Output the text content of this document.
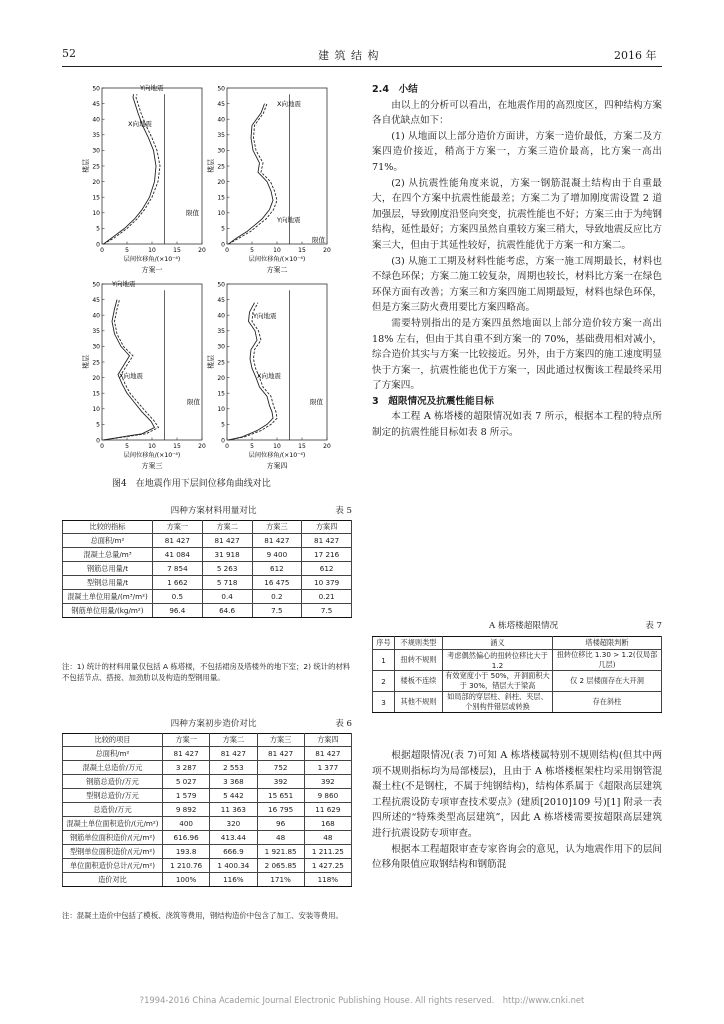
52	建 筑 结 构	2016 年
0
5
10
15
20
25
30
35
40
45
50
0	5	10	15	20
楼层
层间位移角/(×10⁻⁴)
方案一
Y向地震
X向地震
限值
0
5
10
15
20
25
30
35
40
45
50
0	5	10	15	20
楼层
层间位移角/(×10⁻⁴)
方案二
X向地震
Y向地震
限值
0
5
10
15
20
25
30
35
40
45
50
0	5	10	15	20
楼层
层间位移角/(×10⁻⁴)
方案三
Y向地震
X向地震
限值
0
5
10
15
20
25
30
35
40
45
50
0	5	10	15	20
楼层
层间位移角/(×10⁻⁴)
方案四
Y向地震
X向地震
限值
图4　在地震作用下层间位移角曲线对比
四种方案材料用量对比	表 5
比较的指标	方案一	方案二	方案三	方案四
总面积/m²	81 427	81 427	81 427	81 427
混凝土总量/m³	41 084	31 918	9 400	17 216
钢筋总用量/t	7 854	5 263	612	612
型钢总用量/t	1 662	5 718	16 475	10 379
混凝土单位用量/(m³/m²)	0.5	0.4	0.2	0.21
钢筋单位用量/(kg/m²)	96.4	64.6	7.5	7.5
注：1) 统计的材料用量仅包括 A 栋塔楼，不包括裙房及塔楼外的地下室；2) 统计的材料不包括节点、搭接、加劲肋以及构造的型钢用量。
四种方案初步造价对比	表 6
比较的项目	方案一	方案二	方案三	方案四
总面积/m²	81 427	81 427	81 427	81 427
混凝土总造价/万元	3 287	2 553	752	1 377
钢筋总造价/万元	5 027	3 368	392	392
型钢总造价/万元	1 579	5 442	15 651	9 860
总造价/万元	9 892	11 363	16 795	11 629
混凝土单位面积造价/(元/m²)	400	320	96	168
钢筋单位面积造价/(元/m²)	616.96	413.44	48	48
型钢单位面积造价/(元/m²)	193.8	666.9	1 921.85	1 211.25
单位面积造价总计/(元/m²)	1 210.76	1 400.34	2 065.85	1 427.25
造价对比	100%	116%	171%	118%
注：混凝土造价中包括了模板、浇筑等费用，钢结构造价中包含了加工、安装等费用。

2.4　小结

由以上的分析可以看出，在地震作用的高烈度区，四种结构方案各自优缺点如下：

(1) 从地面以上部分造价方面讲，方案一造价最低，方案二及方案四造价接近，稍高于方案一，方案三造价最高，比方案一高出 71%。

(2) 从抗震性能角度来说，方案一钢筋混凝土结构由于自重最大，在四个方案中抗震性能最差；方案二为了增加刚度需设置 2 道加强层，导致刚度沿竖向突变，抗震性能也不好；方案三由于为纯钢结构，延性最好；方案四虽然自重较方案三稍大，导致地震反应比方案三大，但由于其延性较好，抗震性能优于方案一和方案二。

(3) 从施工工期及材料性能考虑，方案一施工周期最长，材料也不绿色环保；方案二施工较复杂，周期也较长，材料比方案一在绿色环保方面有改善；方案三和方案四施工周期最短，材料也绿色环保，但是方案三防火费用要比方案四略高。

需要特别指出的是方案四虽然地面以上部分造价较方案一高出 18% 左右，但由于其自重不到方案一的 70%，基础费用相对减小，综合造价其实与方案一比较接近。另外，由于方案四的施工速度明显快于方案一，抗震性能也优于方案一，因此通过权衡该工程最终采用了方案四。

3　超限情况及抗震性能目标

本工程 A 栋塔楼的超限情况如表 7 所示，根据本工程的特点所制定的抗震性能目标如表 8 所示。

A 栋塔楼超限情况	表 7
序号	不规则类型	涵义	塔楼超限判断
1	扭转不规则	考虑偶然偏心的扭转位移比大于 1.2	扭转位移比 1.30 > 1.2(仅局部几层)
2	楼板不连续	有效宽度小于 50%，开洞面积大于 30%，错层大于梁高	仅 2 层楼面存在大开洞
3	其他不规则	如局部的穿层柱、斜柱、夹层、个别构件错层或转换	存在斜柱

根据超限情况(表 7)可知 A 栋塔楼属特别不规则结构(但其中两项不规则指标均为局部楼层)，且由于 A 栋塔楼框架柱均采用钢管混凝土柱(不是钢柱，不属于纯钢结构)，结构体系属于《超限高层建筑工程抗震设防专项审查技术要点》(建质[2010]109 号)[1] 附录一表四所述的“特殊类型高层建筑”，因此 A 栋塔楼需要按超限高层建筑进行抗震设防专项审查。

根据本工程超限审查专家咨询会的意见，认为地震作用下的层间位移角限值应取钢结构和钢筋混

?1994-2016 China Academic Journal Electronic Publishing House. All rights reserved.　http://www.cnki.net
